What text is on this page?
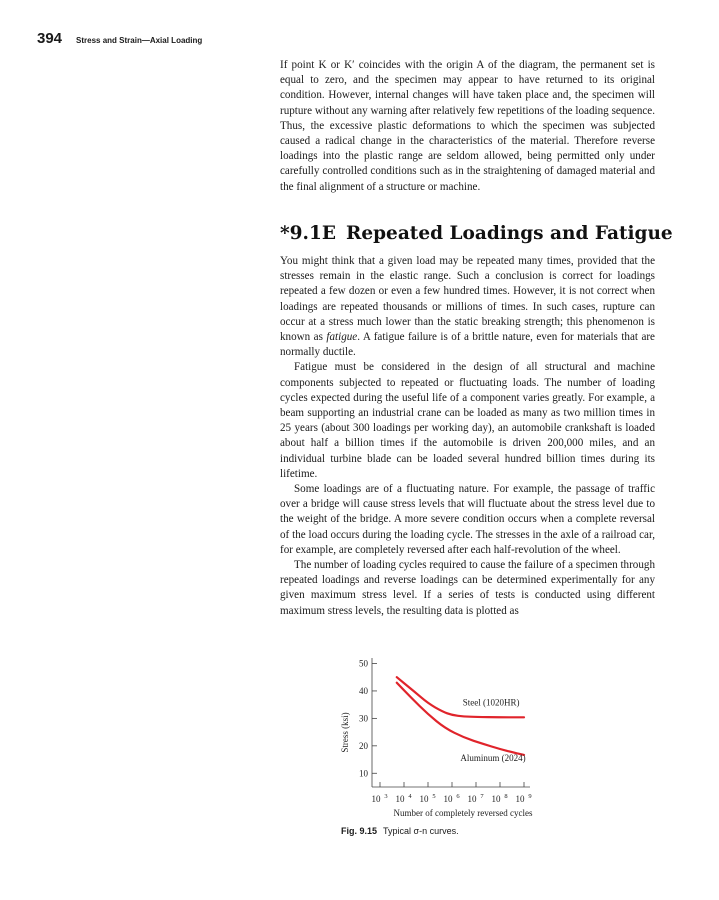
394 Stress and Strain—Axial Loading

If point K or K′ coincides with the origin A of the diagram, the permanent set is equal to zero, and the specimen may appear to have returned to its original condition. However, internal changes will have taken place and, the specimen will rupture without any warning after relatively few repetitions of the loading sequence. Thus, the excessive plastic deformations to which the specimen was subjected caused a radical change in the characteristics of the material. Therefore reverse loadings into the plastic range are seldom allowed, being permitted only under carefully controlled conditions such as in the straightening of damaged material and the final alignment of a structure or machine.

*9.1E Repeated Loadings and Fatigue

You might think that a given load may be repeated many times, provided that the stresses remain in the elastic range. Such a conclusion is correct for loadings repeated a few dozen or even a few hundred times. However, it is not correct when loadings are repeated thousands or millions of times. In such cases, rupture can occur at a stress much lower than the static breaking strength; this phenomenon is known as fatigue. A fatigue failure is of a brittle nature, even for materials that are normally ductile.

Fatigue must be considered in the design of all structural and machine components subjected to repeated or fluctuating loads. The number of loading cycles expected during the useful life of a component varies greatly. For example, a beam supporting an industrial crane can be loaded as many as two million times in 25 years (about 300 loadings per working day), an automobile crankshaft is loaded about half a billion times if the automobile is driven 200,000 miles, and an individual turbine blade can be loaded several hundred billion times during its lifetime.

Some loadings are of a fluctuating nature. For example, the passage of traffic over a bridge will cause stress levels that will fluctuate about the stress level due to the weight of the bridge. A more severe condition occurs when a complete reversal of the load occurs during the loading cycle. The stresses in the axle of a railroad car, for example, are completely reversed after each half-revolution of the wheel.

The number of loading cycles required to cause the failure of a specimen through repeated loadings and reverse loadings can be determined experimentally for any given maximum stress level. If a series of tests is conducted using different maximum stress levels, the resulting data is plotted as

10
20
30
40
50
10 3 10 4 10 5 10 6 10 7 10 8 10 9
Steel (1020HR)
Aluminum (2024)
Number of completely reversed cycles
Stress (ksi)
Fig. 9.15 Typical σ-n curves.
